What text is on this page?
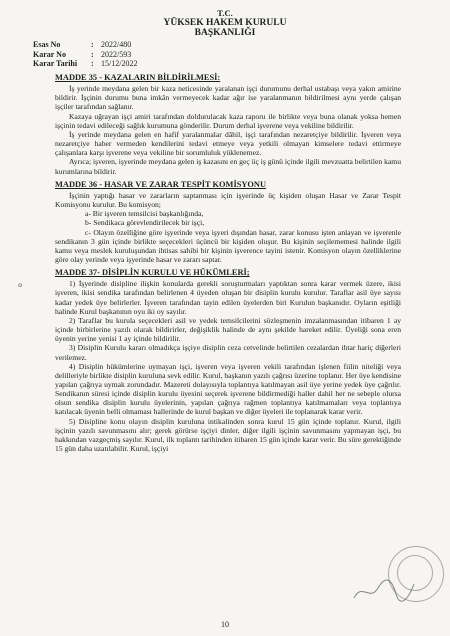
T.C.
YÜKSEK HAKEM KURULU
BAŞKANLIĞI
Esas No	: 2022/480
Karar No	: 2022/593
Karar Tarihi	: 15/12/2022
MADDE 35 - KAZALARIN BİLDİRİLMESİ:

İş yerinde meydana gelen bir kaza neticesinde yaralanan işçi durumunu derhal ustabaşı veya yakın amirine bildirir. İşçinin durumu buna imkân vermeyecek kadar ağır ise yaralanmanın bildirilmesi aynı yerde çalışan işçiler tarafından sağlanır.

Kazaya uğrayan işçi amiri tarafından doldurulacak kaza raporu ile birlikte veya buna olanak yoksa hemen işçinin tedavi edileceği sağlık kurumuna gönderilir. Durum derhal işverene veya vekiline bildirilir.

İş yerinde meydana gelen en hafif yaralanmalar dâhil, işçi tarafından nezaretçiye bildirilir. İşveren veya nezaretçiye haber vermeden kendilerini tedavi etmeye veya yetkili olmayan kimselere tedavi ettirmeye çalışanlara karşı işverene veya vekiline bir sorumluluk yüklenemez.

Ayrıca; işveren, işyerinde meydana gelen iş kazasını en geç üç iş günü içinde ilgili mevzuatta belirtilen kamu kurumlarına bildirir.

MADDE 36 - HASAR VE ZARAR TESPİT KOMİSYONU

İşçinin yaptığı hasar ve zararların saptanması için işyerinde üç kişiden oluşan Hasar ve Zarar Tespit Komisyonu kurulur. Bu komisyon;

a- Bir işveren temsilcisi başkanlığında,

b- Sendikaca görevlendirilecek bir işçi,

c- Olayın özelliğine göre işyerinde veya işyeri dışından hasar, zarar konusu işten anlayan ve işverenle sendikanın 3 gün içinde birlikte seçecekleri üçüncü bir kişiden oluşur. Bu kişinin seçilememesi halinde ilgili kamu veya meslek kuruluşundan ihtisas sahibi bir kişinin işverence tayini istenir. Komisyon olayın özelliklerine göre olay yerinde veya işyerinde hasar ve zararı saptar.

MADDE 37- DİSİPLİN KURULU VE HÜKÜMLERİ;

1) İşyerinde disipline ilişkin konularda gerekli soruşturmaları yaptıktan sonra karar vermek üzere, ikisi işveren, ikisi sendika tarafından belirlenen 4 üyeden oluşan bir disiplin kurulu kurulur. Taraflar asil üye sayısı kadar yedek üye belirlerler. İşveren tarafından tayin edilen üyelerden biri Kurulun başkanıdır. Oyların eşitliği halinde Kurul başkanının oyu iki oy sayılır.

2) Taraflar bu kurula seçecekleri asil ve yedek temsilcilerini sözleşmenin imzalanmasından itibaren 1 ay içinde birbirlerine yazılı olarak bildirirler, değişiklik halinde de aynı şekilde hareket edilir. Üyeliği sona eren üyenin yerine yenisi 1 ay içinde bildirilir.

3) Disiplin Kurulu kararı olmadıkça işçiye disiplin ceza cetvelinde belirtilen cezalardan ihtar hariç diğerleri verilemez.

4) Disiplin hükümlerine uymayan işçi, işveren veya işveren vekili tarafından işlenen fiilin niteliği veya delilleriyle birlikte disiplin kuruluna sevk edilir. Kurul, başkanın yazılı çağrısı üzerine toplanır. Her üye kendisine yapılan çağrıya uymak zorundadır. Mazereti dolayısıyla toplantıya katılmayan asil üye yerine yedek üye çağrılır. Sendikanın süresi içinde disiplin kurulu üyesini seçerek işverene bildirmediği haller dahil her ne sebeple olursa olsun sendika disiplin kurulu üyelerinin, yapılan çağrıya rağmen toplantıya katılmamaları veya toplantıya katılacak üyenin belli olmaması hallerinde de kurul başkan ve diğer üyeleri ile toplanarak karar verir.

5) Disipline konu olayın disiplin kuruluna intikalinden sonra kurul 15 gün içinde toplanır. Kurul, ilgili işçinin yazılı savunmasını alır; gerek görürse işçiyi dinler, diğer ilgili işçinin savunmasını yapmayan işçi, bu hakkından vazgeçmiş sayılır. Kurul, ilk toplantı tarihinden itibaren 15 gün içinde karar verir. Bu süre gerektiğinde 15 gün daha uzatılabilir. Kurul, işçiyi

ℴ
10
